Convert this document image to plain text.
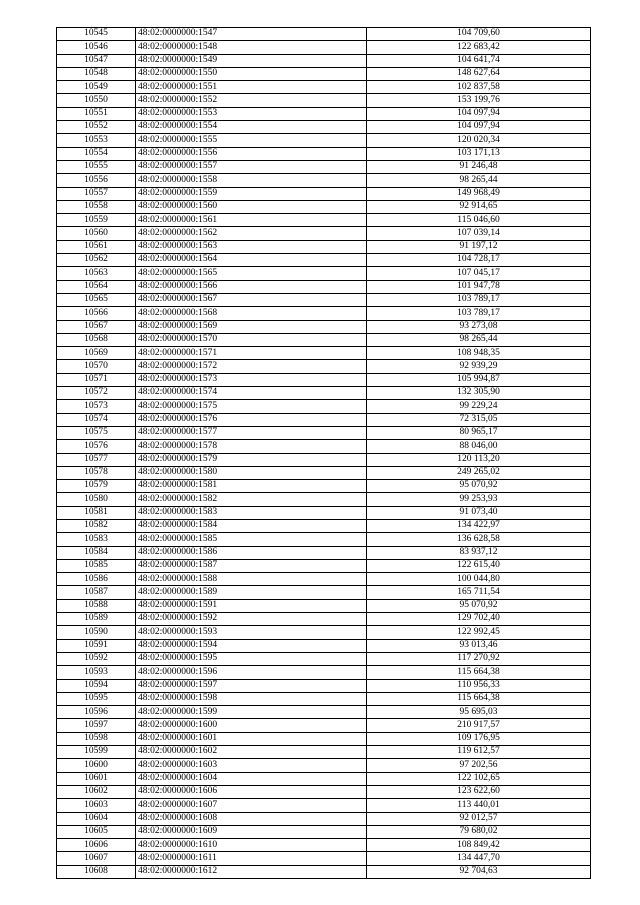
10545	48:02:0000000:1547	104 709,60
10546	48:02:0000000:1548	122 683,42
10547	48:02:0000000:1549	104 641,74
10548	48:02:0000000:1550	148 627,64
10549	48:02:0000000:1551	102 837,58
10550	48:02:0000000:1552	153 199,76
10551	48:02:0000000:1553	104 097,94
10552	48:02:0000000:1554	104 097,94
10553	48:02:0000000:1555	120 020,34
10554	48:02:0000000:1556	103 171,13
10555	48:02:0000000:1557	91 246,48
10556	48:02:0000000:1558	98 265,44
10557	48:02:0000000:1559	149 968,49
10558	48:02:0000000:1560	92 914,65
10559	48:02:0000000:1561	115 046,60
10560	48:02:0000000:1562	107 039,14
10561	48:02:0000000:1563	91 197,12
10562	48:02:0000000:1564	104 728,17
10563	48:02:0000000:1565	107 045,17
10564	48:02:0000000:1566	101 947,78
10565	48:02:0000000:1567	103 789,17
10566	48:02:0000000:1568	103 789,17
10567	48:02:0000000:1569	93 273,08
10568	48:02:0000000:1570	98 265,44
10569	48:02:0000000:1571	108 948,35
10570	48:02:0000000:1572	92 939,29
10571	48:02:0000000:1573	105 994,87
10572	48:02:0000000:1574	132 305,90
10573	48:02:0000000:1575	99 229,24
10574	48:02:0000000:1576	72 315,05
10575	48:02:0000000:1577	80 965,17
10576	48:02:0000000:1578	88 046,00
10577	48:02:0000000:1579	120 113,20
10578	48:02:0000000:1580	249 265,02
10579	48:02:0000000:1581	95 070,92
10580	48:02:0000000:1582	99 253,93
10581	48:02:0000000:1583	91 073,40
10582	48:02:0000000:1584	134 422,97
10583	48:02:0000000:1585	136 628,58
10584	48:02:0000000:1586	83 937,12
10585	48:02:0000000:1587	122 615,40
10586	48:02:0000000:1588	100 044,80
10587	48:02:0000000:1589	165 711,54
10588	48:02:0000000:1591	95 070,92
10589	48:02:0000000:1592	129 702,40
10590	48:02:0000000:1593	122 992,45
10591	48:02:0000000:1594	93 013,46
10592	48:02:0000000:1595	117 270,92
10593	48:02:0000000:1596	115 664,38
10594	48:02:0000000:1597	110 956,33
10595	48:02:0000000:1598	115 664,38
10596	48:02:0000000:1599	95 695,03
10597	48:02:0000000:1600	210 917,57
10598	48:02:0000000:1601	109 176,95
10599	48:02:0000000:1602	119 612,57
10600	48:02:0000000:1603	97 202,56
10601	48:02:0000000:1604	122 102,65
10602	48:02:0000000:1606	123 622,60
10603	48:02:0000000:1607	113 440,01
10604	48:02:0000000:1608	92 012,57
10605	48:02:0000000:1609	79 680,02
10606	48:02:0000000:1610	108 849,42
10607	48:02:0000000:1611	134 447,70
10608	48:02:0000000:1612	92 704,63
